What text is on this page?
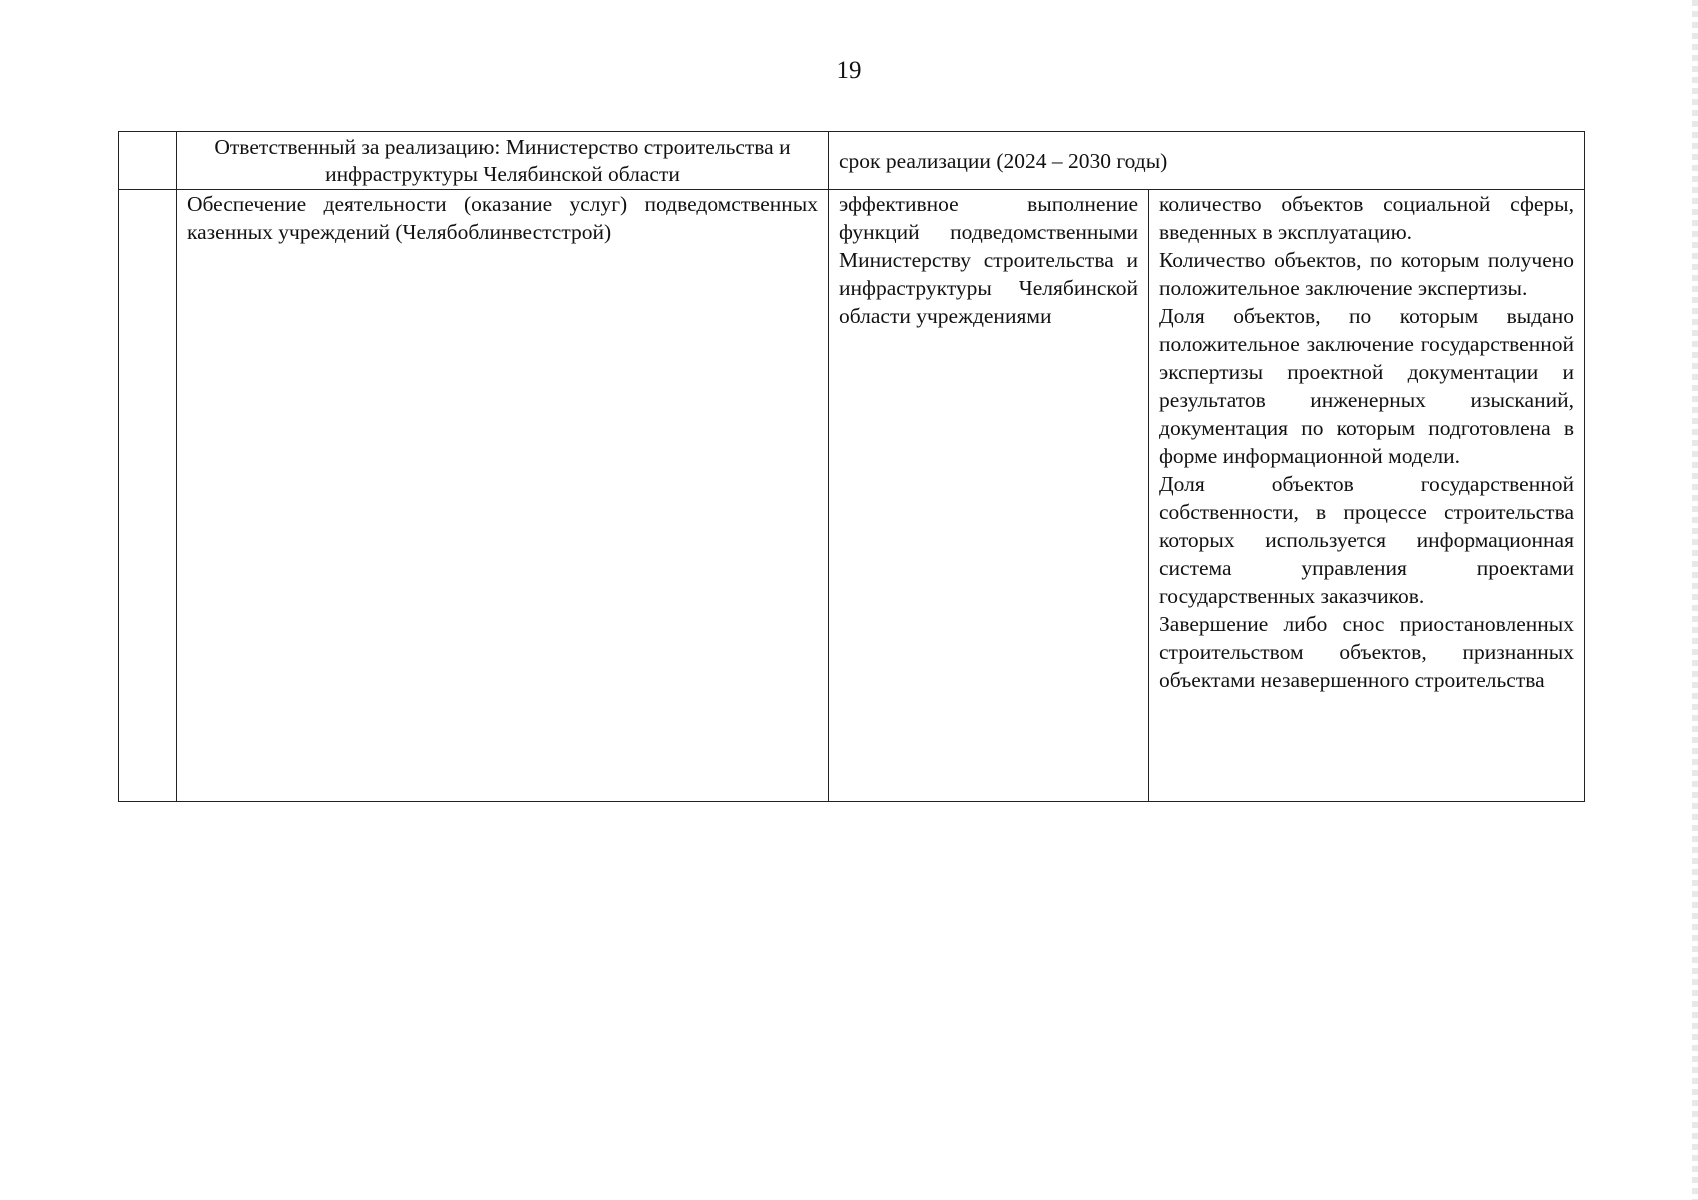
19
	Ответственный за реализацию: Министерство строительства и инфраструктуры Челябинской области	срок реализации (2024 – 2030 годы)	
	Обеспечение деятельности (оказание услуг) подведомственных казенных учреждений (Челябоблинвестстрой)	эффективное выполнение функций подведомственными Министерству строительства и инфраструктуры Челябинской области учреждениями	количество объектов социальной сферы, введенных в эксплуатацию.

Количество объектов, по которым получено положительное заключение экспертизы.

Доля объектов, по которым выдано положительное заключение государственной экспертизы проектной документации и результатов инженерных изысканий, документация по которым подготовлена в форме информационной модели.

Доля объектов государственной собственности, в процессе строительства которых используется информационная система управления проектами государственных заказчиков.

Завершение либо снос приостановленных строительством объектов, признанных объектами незавершенного строительства
